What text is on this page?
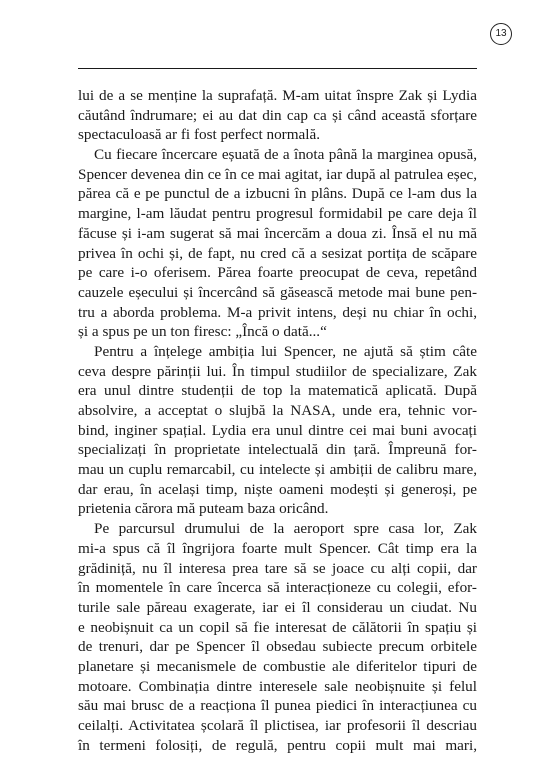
13
lui de a se menține la suprafață. M-am uitat înspre Zak și Lydia
căutând îndrumare; ei au dat din cap ca și când această sforțare
spectaculoasă ar fi fost perfect normală.
Cu fiecare încercare eșuată de a înota până la marginea opusă,
Spencer devenea din ce în ce mai agitat, iar după al patrulea eșec,
părea că e pe punctul de a izbucni în plâns. După ce l-am dus la
margine, l-am lăudat pentru progresul formidabil pe care deja îl
făcuse și i-am sugerat să mai încercăm a doua zi. Însă el nu mă
privea în ochi și, de fapt, nu cred că a sesizat portița de scăpare
pe care i-o oferisem. Părea foarte preocupat de ceva, repetând
cauzele eșecului și încercând să găsească metode mai bune pen-
tru a aborda problema. M-a privit intens, deși nu chiar în ochi,
și a spus pe un ton firesc: „Încă o dată...“
Pentru a înțelege ambiția lui Spencer, ne ajută să știm câte
ceva despre părinții lui. În timpul studiilor de specializare, Zak
era unul dintre studenții de top la matematică aplicată. După
absolvire, a acceptat o slujbă la NASA, unde era, tehnic vor-
bind, inginer spațial. Lydia era unul dintre cei mai buni avocați
specializați în proprietate intelectuală din țară. Împreună for-
mau un cuplu remarcabil, cu intelecte și ambiții de calibru mare,
dar erau, în același timp, niște oameni modești și generoși, pe
prietenia cărora mă puteam baza oricând.
Pe parcursul drumului de la aeroport spre casa lor, Zak
mi-a spus că îl îngrijora foarte mult Spencer. Cât timp era la
grădiniță, nu îl interesa prea tare să se joace cu alți copii, dar
în momentele în care încerca să interacționeze cu colegii, efor-
turile sale păreau exagerate, iar ei îl considerau un ciudat. Nu
e neobișnuit ca un copil să fie interesat de călătorii în spațiu și
de trenuri, dar pe Spencer îl obsedau subiecte precum orbitele
planetare și mecanismele de combustie ale diferitelor tipuri de
motoare. Combinația dintre interesele sale neobișnuite și felul
său mai brusc de a reacționa îl punea piedici în interacțiunea cu
ceilalți. Activitatea școlară îl plictisea, iar profesorii îl descriau
în termeni folosiți, de regulă, pentru copii mult mai mari,
